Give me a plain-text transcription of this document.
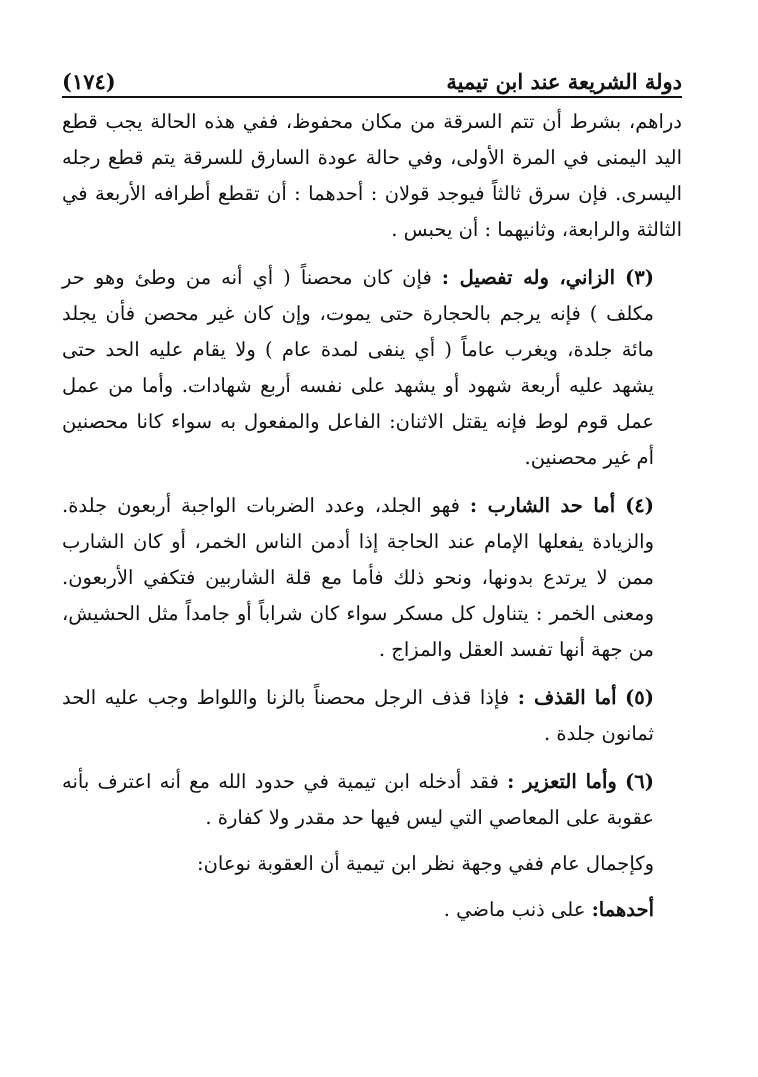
(١٧٤)	دولة الشريعة عند ابن تيمية

دراهم، بشرط أن تتم السرقة من مكان محفوظ، ففي هذه الحالة يجب قطع اليد اليمنى في المرة الأولى، وفي حالة عودة السارق للسرقة يتم قطع رجله اليسرى. فإن سرق ثالثاً فيوجد قولان : أحدهما : أن تقطع أطرافه الأربعة في الثالثة والرابعة، وثانيهما : أن يحبس .

(٣) الزاني، وله تفصيل : فإن كان محصناً ( أي أنه من وطئ وهو حر مكلف ) فإنه يرجم بالحجارة حتى يموت، وإن كان غير محصن فأن يجلد مائة جلدة، ويغرب عاماً ( أي ينفى لمدة عام ) ولا يقام عليه الحد حتى يشهد عليه أربعة شهود أو يشهد على نفسه أربع شهادات. وأما من عمل عمل قوم لوط فإنه يقتل الاثنان: الفاعل والمفعول به سواء كانا محصنين أم غير محصنين.

(٤) أما حد الشارب : فهو الجلد، وعدد الضربات الواجبة أربعون جلدة. والزيادة يفعلها الإمام عند الحاجة إذا أدمن الناس الخمر، أو كان الشارب ممن لا يرتدع بدونها، ونحو ذلك فأما مع قلة الشاربين فتكفي الأربعون. ومعنى الخمر : يتناول كل مسكر سواء كان شراباً أو جامداً مثل الحشيش، من جهة أنها تفسد العقل والمزاج .

(٥) أما القذف : فإذا قذف الرجل محصناً بالزنا واللواط وجب عليه الحد ثمانون جلدة .

(٦) وأما التعزير : فقد أدخله ابن تيمية في حدود الله مع أنه اعترف بأنه عقوبة على المعاصي التي ليس فيها حد مقدر ولا كفارة .

وكإجمال عام ففي وجهة نظر ابن تيمية أن العقوبة نوعان:

أحدهما: على ذنب ماضي .
